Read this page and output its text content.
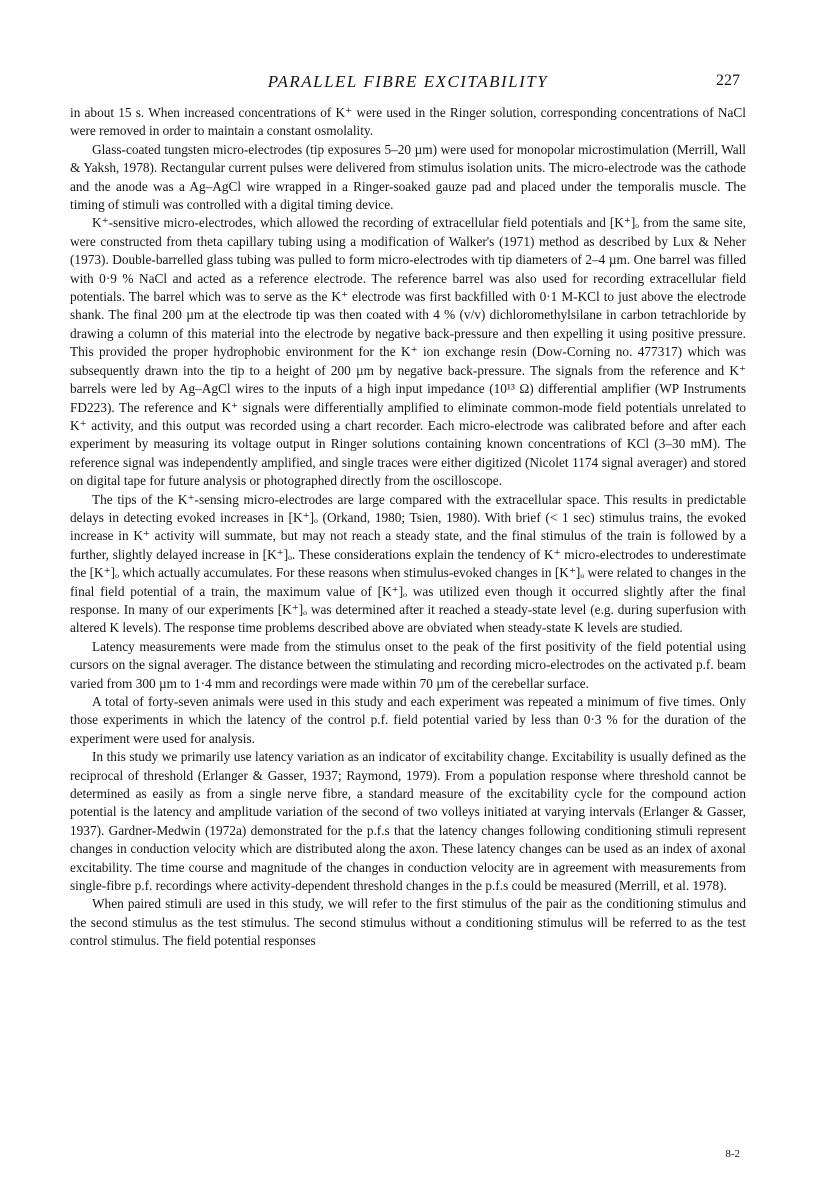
PARALLEL FIBRE EXCITABILITY	227

in about 15 s. When increased concentrations of K⁺ were used in the Ringer solution, corresponding concentrations of NaCl were removed in order to maintain a constant osmolality.

Glass-coated tungsten micro-electrodes (tip exposures 5–20 µm) were used for monopolar microstimulation (Merrill, Wall & Yaksh, 1978). Rectangular current pulses were delivered from stimulus isolation units. The micro-electrode was the cathode and the anode was a Ag–AgCl wire wrapped in a Ringer-soaked gauze pad and placed under the temporalis muscle. The timing of stimuli was controlled with a digital timing device.

K⁺-sensitive micro-electrodes, which allowed the recording of extracellular field potentials and [K⁺]ₒ from the same site, were constructed from theta capillary tubing using a modification of Walker's (1971) method as described by Lux & Neher (1973). Double-barrelled glass tubing was pulled to form micro-electrodes with tip diameters of 2–4 µm. One barrel was filled with 0·9 % NaCl and acted as a reference electrode. The reference barrel was also used for recording extracellular field potentials. The barrel which was to serve as the K⁺ electrode was first backfilled with 0·1 M-KCl to just above the electrode shank. The final 200 µm at the electrode tip was then coated with 4 % (v/v) dichloromethylsilane in carbon tetrachloride by drawing a column of this material into the electrode by negative back-pressure and then expelling it using positive pressure. This provided the proper hydrophobic environment for the K⁺ ion exchange resin (Dow-Corning no. 477317) which was subsequently drawn into the tip to a height of 200 µm by negative back-pressure. The signals from the reference and K⁺ barrels were led by Ag–AgCl wires to the inputs of a high input impedance (10¹³ Ω) differential amplifier (WP Instruments FD223). The reference and K⁺ signals were differentially amplified to eliminate common-mode field potentials unrelated to K⁺ activity, and this output was recorded using a chart recorder. Each micro-electrode was calibrated before and after each experiment by measuring its voltage output in Ringer solutions containing known concentrations of KCl (3–30 mM). The reference signal was independently amplified, and single traces were either digitized (Nicolet 1174 signal averager) and stored on digital tape for future analysis or photographed directly from the oscilloscope.

The tips of the K⁺-sensing micro-electrodes are large compared with the extracellular space. This results in predictable delays in detecting evoked increases in [K⁺]ₒ (Orkand, 1980; Tsien, 1980). With brief (< 1 sec) stimulus trains, the evoked increase in K⁺ activity will summate, but may not reach a steady state, and the final stimulus of the train is followed by a further, slightly delayed increase in [K⁺]ₒ. These considerations explain the tendency of K⁺ micro-electrodes to underestimate the [K⁺]ₒ which actually accumulates. For these reasons when stimulus-evoked changes in [K⁺]ₒ were related to changes in the final field potential of a train, the maximum value of [K⁺]ₒ was utilized even though it occurred slightly after the final response. In many of our experiments [K⁺]ₒ was determined after it reached a steady-state level (e.g. during superfusion with altered K levels). The response time problems described above are obviated when steady-state K levels are studied.

Latency measurements were made from the stimulus onset to the peak of the first positivity of the field potential using cursors on the signal averager. The distance between the stimulating and recording micro-electrodes on the activated p.f. beam varied from 300 µm to 1·4 mm and recordings were made within 70 µm of the cerebellar surface.

A total of forty-seven animals were used in this study and each experiment was repeated a minimum of five times. Only those experiments in which the latency of the control p.f. field potential varied by less than 0·3 % for the duration of the experiment were used for analysis.

In this study we primarily use latency variation as an indicator of excitability change. Excitability is usually defined as the reciprocal of threshold (Erlanger & Gasser, 1937; Raymond, 1979). From a population response where threshold cannot be determined as easily as from a single nerve fibre, a standard measure of the excitability cycle for the compound action potential is the latency and amplitude variation of the second of two volleys initiated at varying intervals (Erlanger & Gasser, 1937). Gardner-Medwin (1972a) demonstrated for the p.f.s that the latency changes following conditioning stimuli represent changes in conduction velocity which are distributed along the axon. These latency changes can be used as an index of axonal excitability. The time course and magnitude of the changes in conduction velocity are in agreement with measurements from single-fibre p.f. recordings where activity-dependent threshold changes in the p.f.s could be measured (Merrill, et al. 1978).

When paired stimuli are used in this study, we will refer to the first stimulus of the pair as the conditioning stimulus and the second stimulus as the test stimulus. The second stimulus without a conditioning stimulus will be referred to as the test control stimulus. The field potential responses

8-2
